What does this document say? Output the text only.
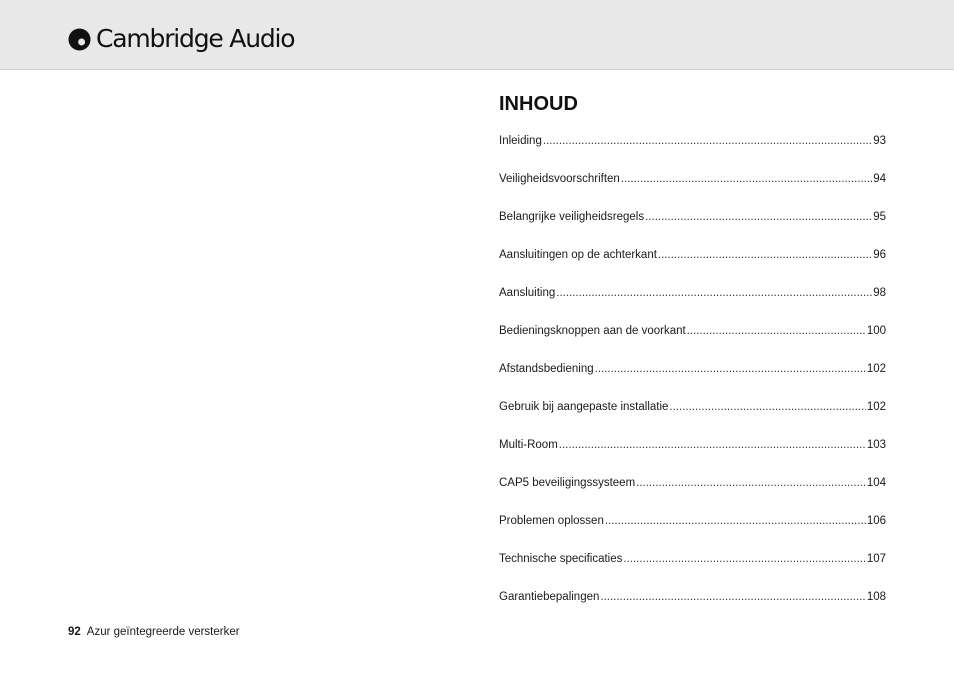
Cambridge Audio
INHOUD
Inleiding .....	93
Veiligheidsvoorschriften .....	94
Belangrijke veiligheidsregels .....	95
Aansluitingen op de achterkant .....	96
Aansluiting .....	98
Bedieningsknoppen aan de voorkant .....	100
Afstandsbediening .....	102
Gebruik bij aangepaste installatie .....	102
Multi-Room .....	103
CAP5 beveiligingssysteem .....	104
Problemen oplossen .....	106
Technische specificaties .....	107
Garantiebepalingen .....	108
92 Azur geïntegreerde versterker
